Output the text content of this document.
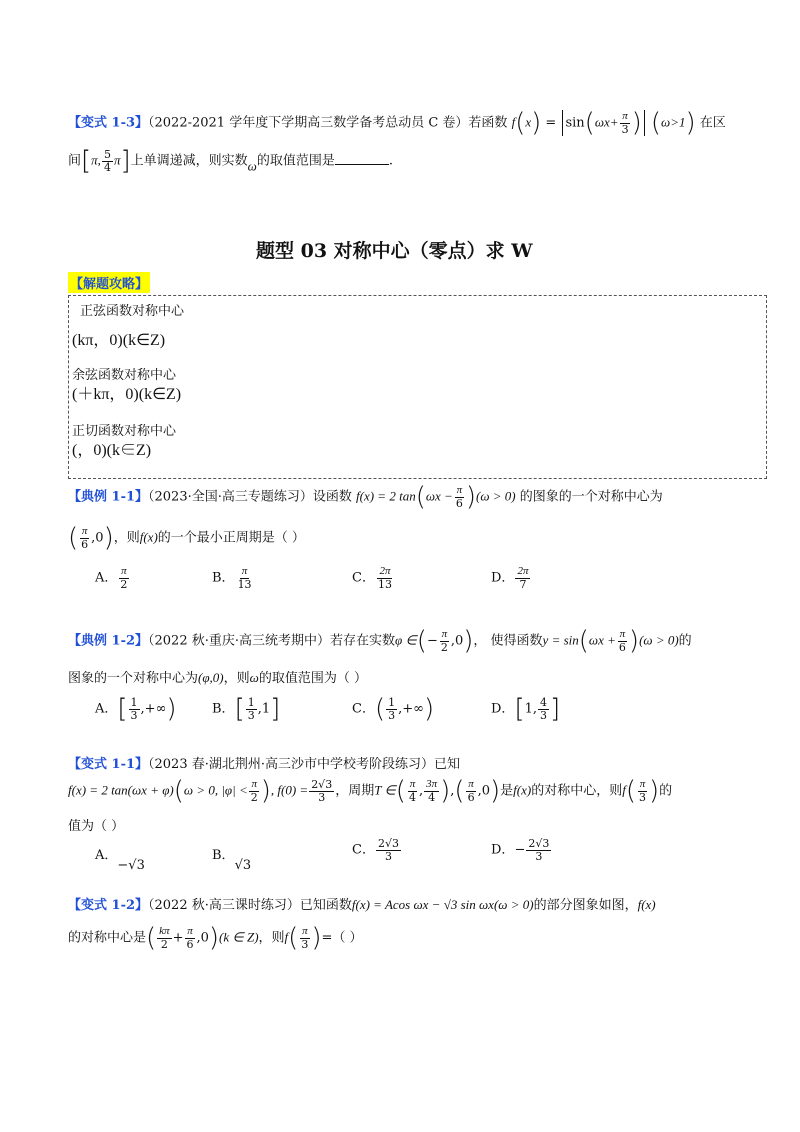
【变式 1-3】（2022-2021 学年度下学期高三数学备考总动员 C 卷）若函数 $f(x) = \sin(\omega x+ \frac{\pi}{3}$ ) (ω>1) 在区
间[π, $\frac{5}{4} \pi$]上单调递减，则实数ω的取值范围是	.
题型 03 对称中心（零点）求 W
【解题攻略】
正弦函数对称中心
(kπ，0)(k∈Z)
余弦函数对称中心
(＋kπ，0)(k∈Z)
正切函数对称中心
(，0)(k∈Z)
【典例 1-1】（2023·全国·高三专题练习）设函数 f(x) = 2 $\tan(\omega x - \frac{\pi}{6} )(\omega > 0)$ 的图象的一个对称中心为
( $\frac{\pi}{6} ,0$)，则f(x)的一个最小正周期是（ ）
A． $\frac{\pi}{2}$	B． $\frac{\pi}{13}$	C． $\frac{2\pi}{13}$	D． $\frac{2\pi}{7}$
【典例 1-2】（2022 秋·重庆·高三统考期中）若存在实数φ ∈(− $\frac{\pi}{2} ,0$)， 使得函数$y = \sin(\omega x + \frac{\pi}{6} )(\omega > 0)$的
图象的一个对称中心为(φ,0)，则ω的取值范围为（ ）
A．[ $\frac{1}{3}$ ,+∞)	B．[ $\frac{1}{3} ,1$]	C．( $\frac{1}{3}$ ,+∞)	D．[1, $\frac{4}{3}$ ]
【变式 1-1】（2023 春·湖北荆州·高三沙市中学校考阶段练习）已知
f(x) = 2 tan(ωx + φ)(ω > 0, $|\varphi| < \frac{\pi}{2}$ ), $f(0) = \frac{2√3}{3}$ ，周期T ∈( $\frac{\pi}{4}$ , $\frac{3\pi}{4}$ ),( $\frac{\pi}{6} ,0$)是f(x)的对称中心，则$f( \frac{\pi}{3}$ )的
值为（ ）
A．−√3
B．√3
C． $\frac{2√3}{3}$	D．− $\frac{2√3}{3}$
【变式 1-2】（2022 秋·高三课时练习）已知函数f(x) = Acos ωx − √3 sin ωx(ω > 0)的部分图象如图，f(x)
的对称中心是( $\frac{k\pi}{2} + \frac{\pi}{6} ,0)(k$ ∈ Z)，则$f( \frac{\pi}{3}$ )=（ ）
